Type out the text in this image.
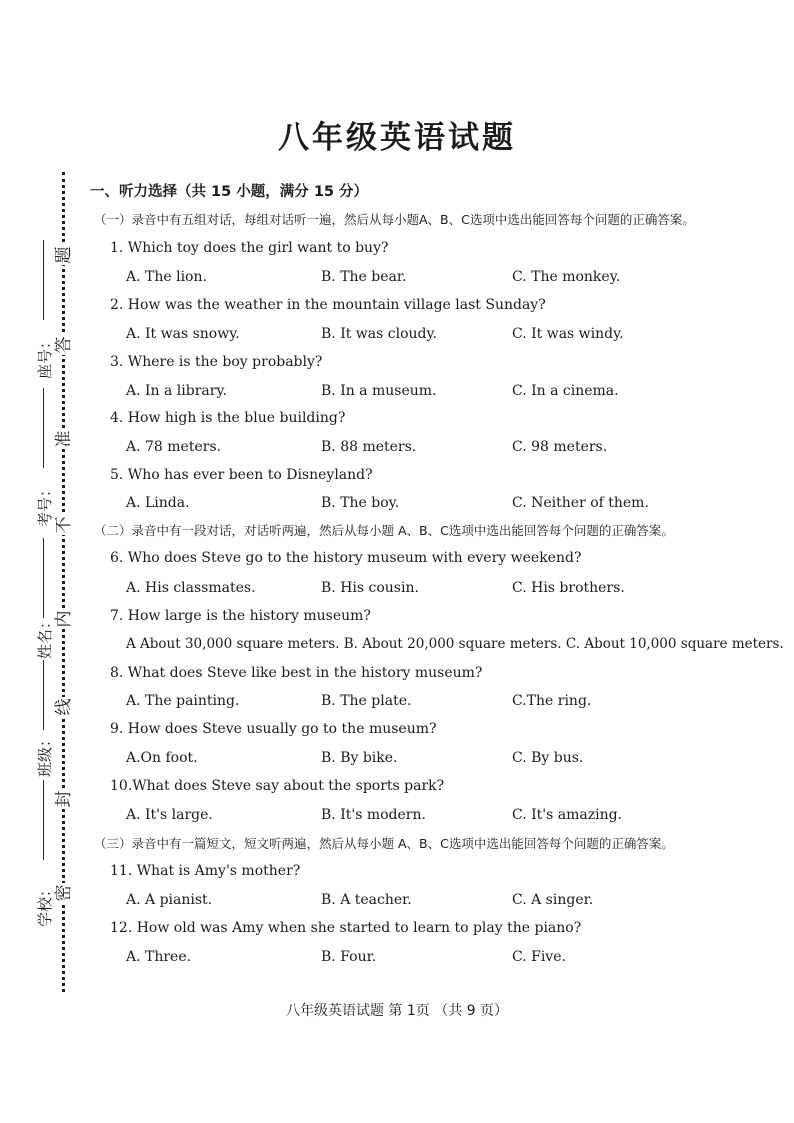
八年级英语试题
题
答
准
不
内
线
封
密
座号：
考号：
姓名：
班级：
学校：
一、听力选择（共 15 小题，满分 15 分）
（一）录音中有五组对话，每组对话听一遍，然后从每小题A、B、C选项中选出能回答每个问题的正确答案。
1. Which toy does the girl want to buy?
A. The lion.	B. The bear.	C. The monkey.
2. How was the weather in the mountain village last Sunday?
A. It was snowy.	B. It was cloudy.	C. It was windy.
3. Where is the boy probably?
A. In a library.	B. In a museum.	C. In a cinema.
4. How high is the blue building?
A. 78 meters.	B. 88 meters.	C. 98 meters.
5. Who has ever been to Disneyland?
A. Linda.	B. The boy.	C. Neither of them.
（二）录音中有一段对话，对话听两遍，然后从每小题 A、B、C选项中选出能回答每个问题的正确答案。
6. Who does Steve go to the history museum with every weekend?
A. His classmates.	B. His cousin.	C. His brothers.
7. How large is the history museum?
A About 30,000 square meters. B. About 20,000 square meters. C. About 10,000 square meters.
8. What does Steve like best in the history museum?
A. The painting.	B. The plate.	C.The ring.
9. How does Steve usually go to the museum?
A.On foot.	B. By bike.	C. By bus.
10.What does Steve say about the sports park?
A. It's large.	B. It's modern.	C. It's amazing.
（三）录音中有一篇短文，短文听两遍，然后从每小题 A、B、C选项中选出能回答每个问题的正确答案。
11. What is Amy's mother?
A. A pianist.	B. A teacher.	C. A singer.
12. How old was Amy when she started to learn to play the piano?
A. Three.	B. Four.	C. Five.
八年级英语试题 第 1页 （共 9 页）
